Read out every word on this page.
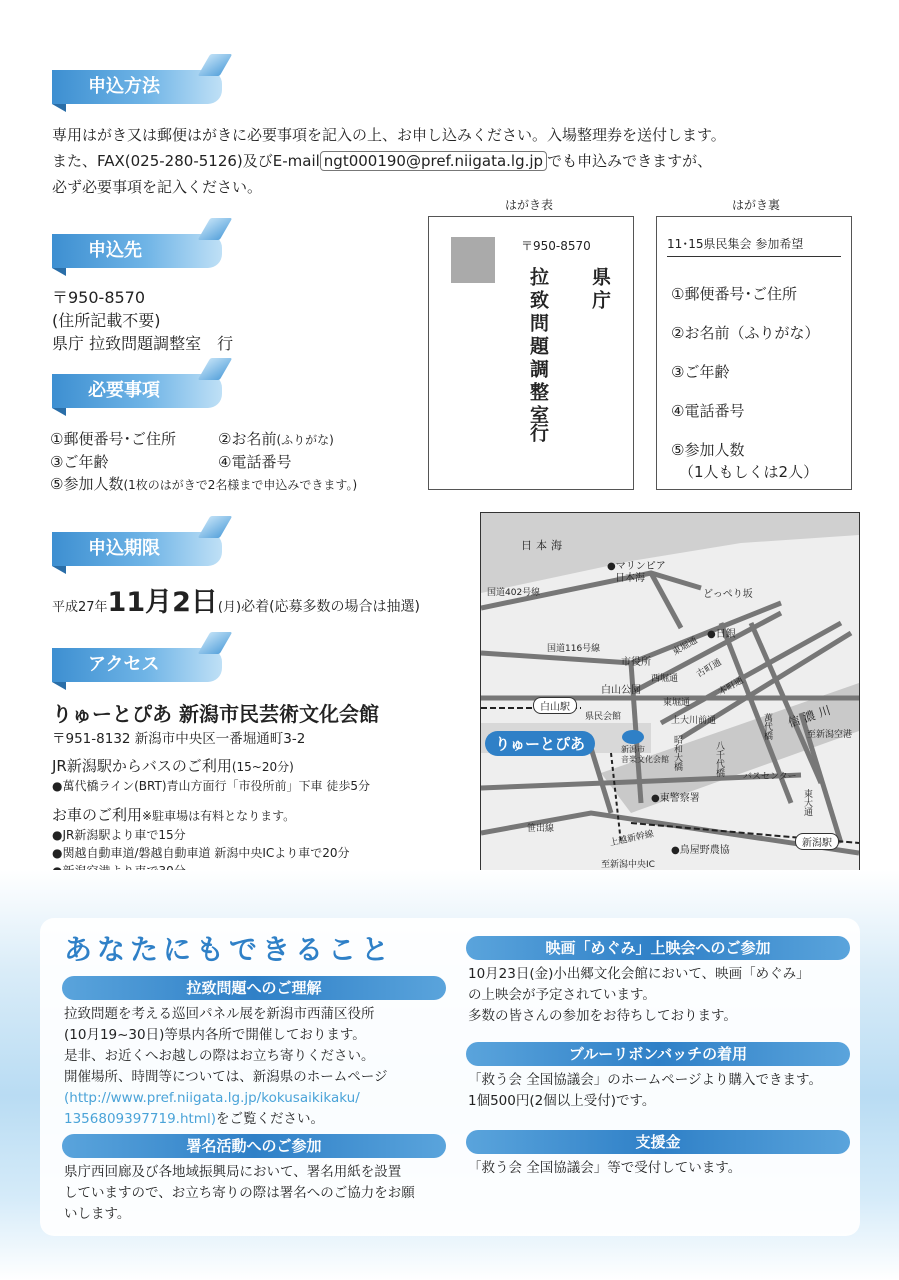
申込方法
専用はがき又は郵便はがきに必要事項を記入の上、お申し込みください。入場整理券を送付します。
また、FAX(025-280-5126)及びE-mail ngt000190@pref.niigata.lg.jp でも申込みできますが、
必ず必要事項を記入ください。
申込先
〒950-8570
(住所記載不要)
県庁 拉致問題調整室　行
必要事項
①郵便番号･ご住所	②お名前(ふりがな)
③ご年齢	④電話番号
⑤参加人数(1枚のはがきで2名様まで申込みできます。)
はがき表
〒950-8570
県庁
拉致問題調整室
行
はがき裏
11･15県民集会 参加希望
①郵便番号･ご住所
②お名前（ふりがな）
③ご年齢
④電話番号
⑤参加人数
（1人もしくは2人）
申込期限
平成27年11月2日(月)必着(応募多数の場合は抽選)
アクセス
りゅーとぴあ 新潟市民芸術文化会館
〒951-8132 新潟市中央区一番堀通町3-2
JR新潟駅からバスのご利用(15~20分)
●萬代橋ライン(BRT)青山方面行「市役所前」下車 徒歩5分
お車のご利用※駐車場は有料となります。
●JR新潟駅より車で15分
●関越自動車道/磐越自動車道 新潟中央ICより車で20分
日本海
●マリンピア
日本海
国道402号線	どっぺり坂
●日銀
国道116号線
市役所
東堀通
西堀通 古町通
白山公園
白山駅
県民会館
東堀通
本町通
上大川前通	信濃川
萬代橋	至新潟空港
りゅーとぴあ	新潟市
音楽文化会館 昭和大橋	八千代橋 バスセンター
東大通
●東警察署
笹出線
上越新幹線	新潟駅
●鳥屋野農協
至新潟中央IC
あなたにもできること
拉致問題へのご理解
拉致問題を考える巡回パネル展を新潟市西蒲区役所
(10月19~30日)等県内各所で開催しております。
是非、お近くへお越しの際はお立ち寄りください。
開催場所、時間等については、新潟県のホームページ
(http://www.pref.niigata.lg.jp/kokusaikikaku/
1356809397719.html)をご覧ください。
署名活動へのご参加
県庁西回廊及び各地域振興局において、署名用紙を設置
していますので、お立ち寄りの際は署名へのご協力をお願
いします。
映画「めぐみ」上映会へのご参加
10月23日(金)小出郷文化会館において、映画「めぐみ」
の上映会が予定されています。
多数の皆さんの参加をお待ちしております。
ブルーリボンバッチの着用
「救う会 全国協議会」のホームページより購入できます。
1個500円(2個以上受付)です。
支援金
「救う会 全国協議会」等で受付しています。
